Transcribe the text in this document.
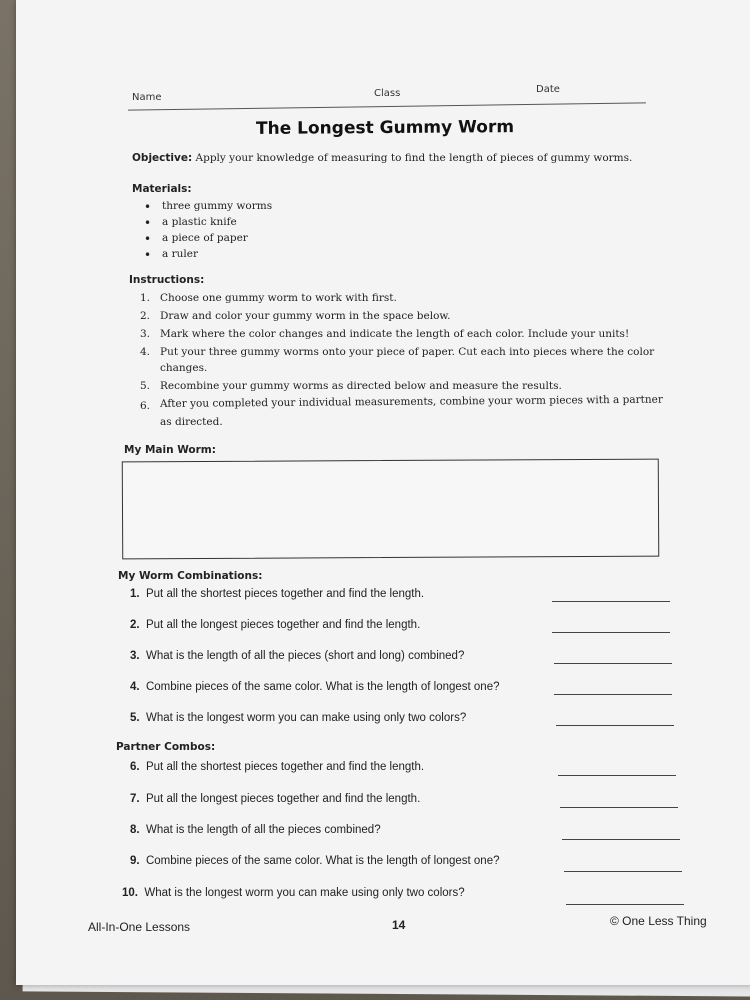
Name	Class	Date
The Longest Gummy Worm
Objective: Apply your knowledge of measuring to find the length of pieces of gummy worms.
Materials:
• three gummy worms
• a plastic knife
• a piece of paper
• a ruler
Instructions:
1. Choose one gummy worm to work with first.
2. Draw and color your gummy worm in the space below.
3. Mark where the color changes and indicate the length of each color. Include your units!
4. Put your three gummy worms onto your piece of paper. Cut each into pieces where the color
changes.
5. Recombine your gummy worms as directed below and measure the results.
6. After you completed your individual measurements, combine your worm pieces with a partner
as directed.
My Main Worm:
My Worm Combinations:
1. Put all the shortest pieces together and find the length.
2. Put all the longest pieces together and find the length.
3. What is the length of all the pieces (short and long) combined?
4. Combine pieces of the same color. What is the length of longest one?
5. What is the longest worm you can make using only two colors?
Partner Combos:
6. Put all the shortest pieces together and find the length.
7. Put all the longest pieces together and find the length.
8. What is the length of all the pieces combined?
9. Combine pieces of the same color. What is the length of longest one?
10. What is the longest worm you can make using only two colors?
All-In-One Lessons	14	© One Less Thing
